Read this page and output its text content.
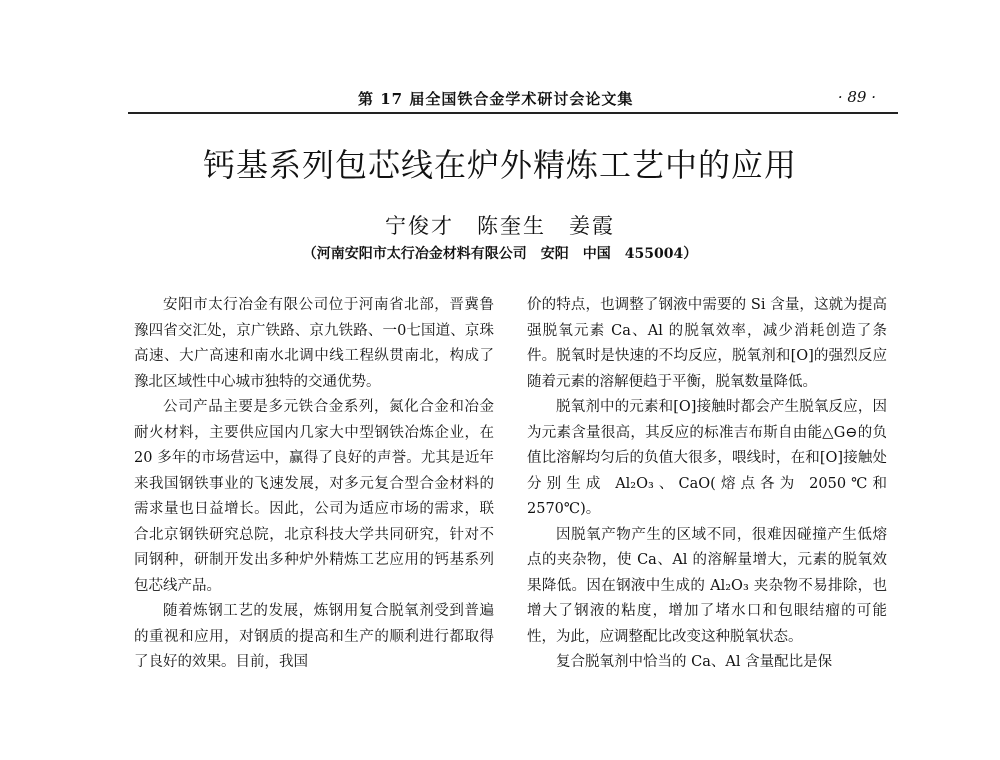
第 17 届全国铁合金学术研讨会论文集	· 89 ·
钙基系列包芯线在炉外精炼工艺中的应用
宁俊才　陈奎生　姜霞
（河南安阳市太行冶金材料有限公司　安阳　中国　455004）

安阳市太行冶金有限公司位于河南省北部，晋冀鲁豫四省交汇处，京广铁路、京九铁路、一0七国道、京珠高速、大广高速和南水北调中线工程纵贯南北，构成了豫北区域性中心城市独特的交通优势。

公司产品主要是多元铁合金系列，氮化合金和冶金耐火材料，主要供应国内几家大中型钢铁冶炼企业，在 20 多年的市场营运中，赢得了良好的声誉。尤其是近年来我国钢铁事业的飞速发展，对多元复合型合金材料的需求量也日益增长。因此，公司为适应市场的需求，联合北京钢铁研究总院，北京科技大学共同研究，针对不同钢种，研制开发出多种炉外精炼工艺应用的钙基系列包芯线产品。

随着炼钢工艺的发展，炼钢用复合脱氧剂受到普遍的重视和应用，对钢质的提高和生产的顺利进行都取得了良好的效果。目前，我国

价的特点，也调整了钢液中需要的 Si 含量，这就为提高强脱氧元素 Ca、Al 的脱氧效率，减少消耗创造了条件。脱氧时是快速的不均反应，脱氧剂和[O]的强烈反应随着元素的溶解便趋于平衡，脱氧数量降低。

脱氧剂中的元素和[O]接触时都会产生脱氧反应，因为元素含量很高，其反应的标准吉布斯自由能△G⊖的负值比溶解均匀后的负值大很多，喂线时，在和[O]接触处分别生成 Al₂O₃、CaO(熔点各为 2050℃和 2570℃)。

因脱氧产物产生的区域不同，很难因碰撞产生低熔点的夹杂物，使 Ca、Al 的溶解量增大，元素的脱氧效果降低。因在钢液中生成的 Al₂O₃ 夹杂物不易排除，也增大了钢液的粘度，增加了堵水口和包眼结瘤的可能性，为此，应调整配比改变这种脱氧状态。

复合脱氧剂中恰当的 Ca、Al 含量配比是保
